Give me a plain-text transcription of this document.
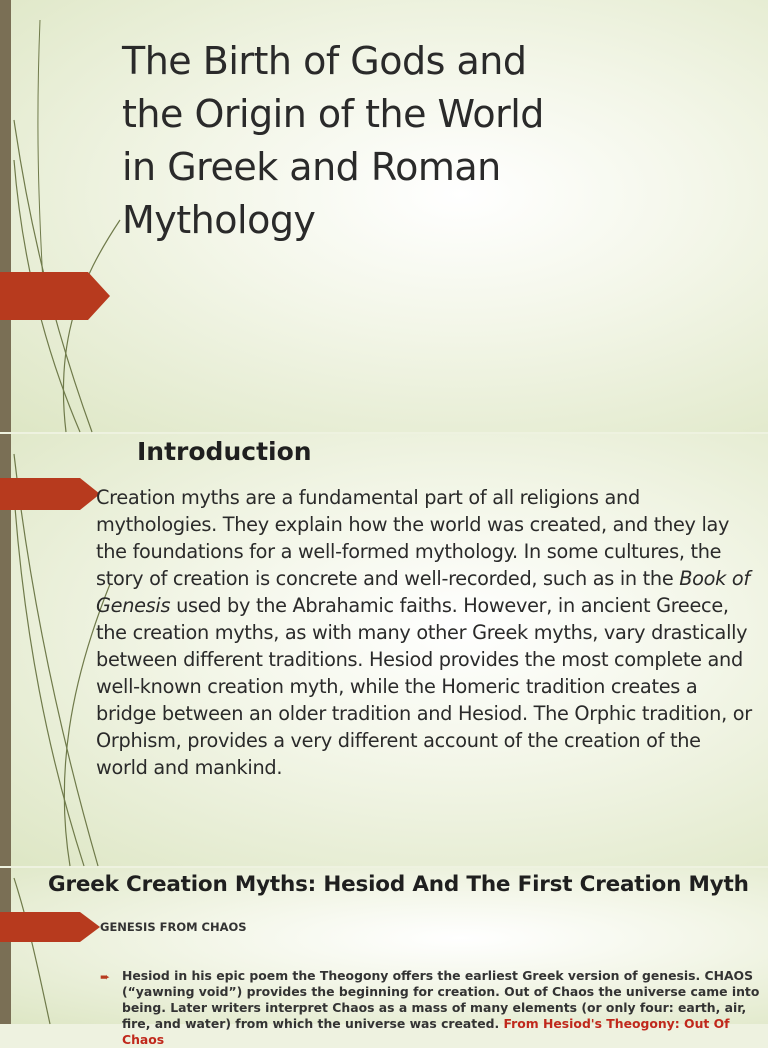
The Birth of Gods and
the Origin of the World
in Greek and Roman
Mythology
Introduction

Creation myths are a fundamental part of all religions and mythologies. They explain how the world was created, and they lay the foundations for a well-formed mythology. In some cultures, the story of creation is concrete and well-recorded, such as in the Book of Genesis used by the Abrahamic faiths. However, in ancient Greece, the creation myths, as with many other Greek myths, vary drastically between different traditions. Hesiod provides the most complete and well-known creation myth, while the Homeric tradition creates a bridge between an older tradition and Hesiod. The Orphic tradition, or Orphism, provides a very different account of the creation of the world and mankind.

Greek Creation Myths: Hesiod And The First Creation Myth

GENESIS FROM CHAOS

➨ Hesiod in his epic poem the Theogony offers the earliest Greek version of genesis. CHAOS (“yawning void”) provides the beginning for creation. Out of Chaos the universe came into being. Later writers interpret Chaos as a mass of many elements (or only four: earth, air, fire, and water) from which the universe was created. From Hesiod's Theogony: Out Of Chaos
